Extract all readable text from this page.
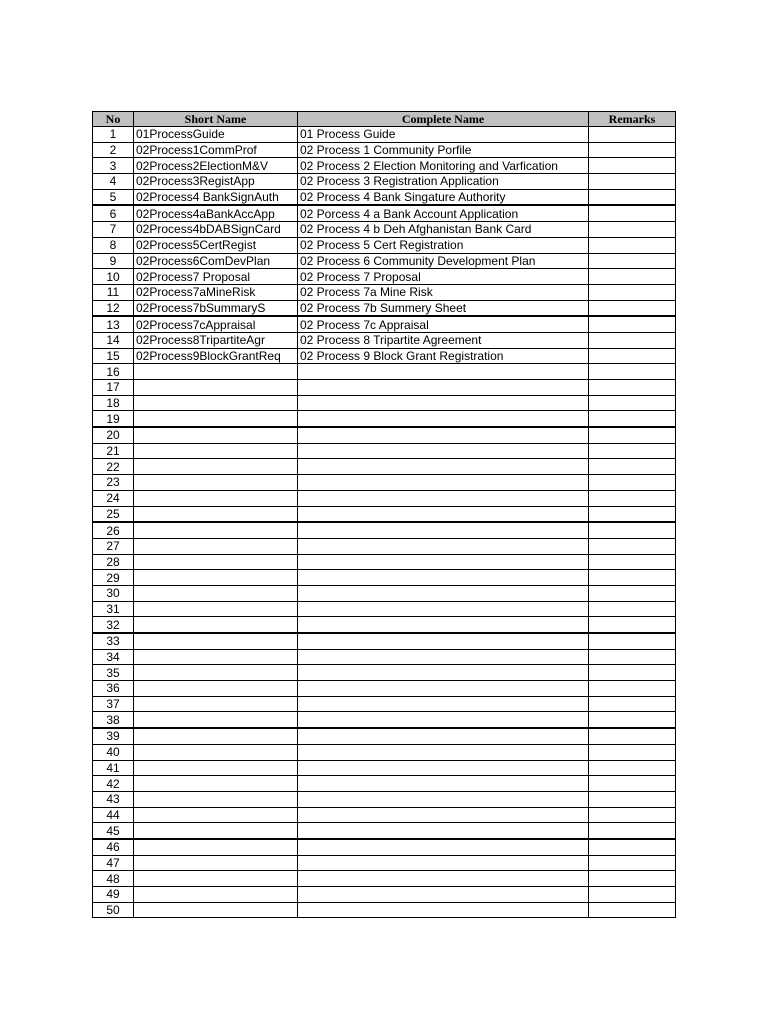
No	Short Name	Complete Name	Remarks
1	01ProcessGuide	01 Process Guide	
2	02Process1CommProf	02 Process 1 Community Porfile	
3	02Process2ElectionM&V	02 Process 2 Election Monitoring and Varfication	
4	02Process3RegistApp	02 Process 3 Registration Application	
5	02Process4 BankSignAuth	02 Process 4 Bank Singature Authority	
6	02Process4aBankAccApp	02 Porcess 4 a Bank Account Application	
7	02Process4bDABSignCard	02 Process 4 b Deh Afghanistan Bank Card	
8	02Process5CertRegist	02 Process 5 Cert Registration	
9	02Process6ComDevPlan	02 Process 6 Community Development Plan	
10	02Process7 Proposal	02 Process 7 Proposal	
11	02Process7aMineRisk	02 Process 7a Mine Risk	
12	02Process7bSummaryS	02 Process 7b Summery Sheet	
13	02Process7cAppraisal	02 Process 7c Appraisal	
14	02Process8TripartiteAgr	02 Process 8 Tripartite Agreement	
15	02Process9BlockGrantReq	02 Process 9 Block Grant Registration	
16			
17			
18			
19			
20			
21			
22			
23			
24			
25			
26			
27			
28			
29			
30			
31			
32			
33			
34			
35			
36			
37			
38			
39			
40			
41			
42			
43			
44			
45			
46			
47			
48			
49			
50			
